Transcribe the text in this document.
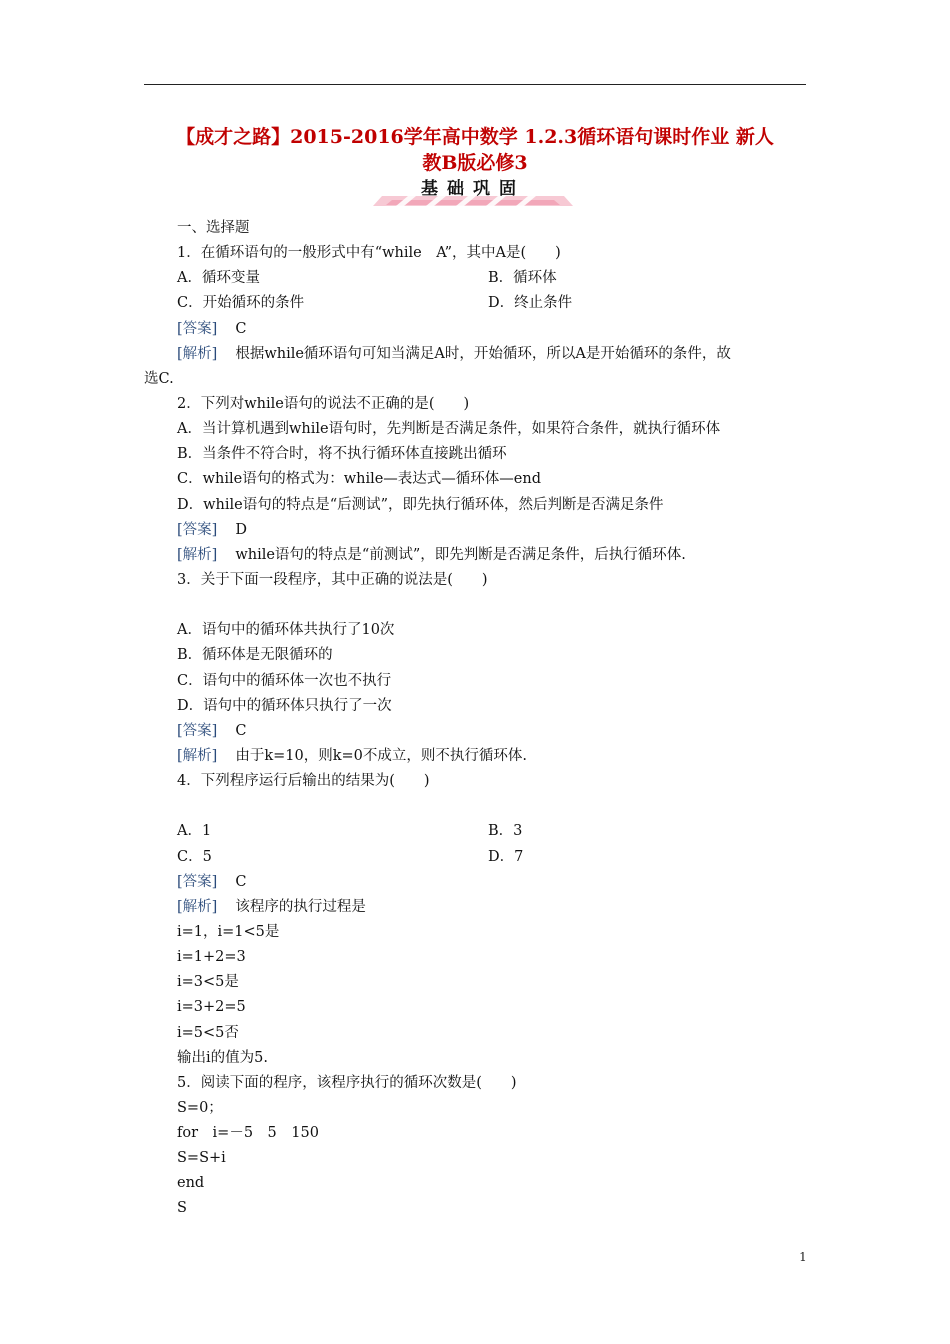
【成才之路】2015-2016学年高中数学 1.2.3循环语句课时作业 新人
教B版必修3
基础巩固
一、选择题
1．在循环语句的一般形式中有“while　A”，其中A是(　　)
A．循环变量	B．循环体
C．开始循环的条件	D．终止条件
[答案] C
[解析] 根据while循环语句可知当满足A时，开始循环，所以A是开始循环的条件，故
选C.
2．下列对while语句的说法不正确的是(　　)
A．当计算机遇到while语句时，先判断是否满足条件，如果符合条件，就执行循环体
B．当条件不符合时，将不执行循环体直接跳出循环
C．while语句的格式为：while—表达式—循环体—end
D．while语句的特点是“后测试”，即先执行循环体，然后判断是否满足条件
[答案] D
[解析] while语句的特点是“前测试”，即先判断是否满足条件，后执行循环体.
3．关于下面一段程序，其中正确的说法是(　　)
A．语句中的循环体共执行了10次
B．循环体是无限循环的
C．语句中的循环体一次也不执行
D．语句中的循环体只执行了一次
[答案] C
[解析] 由于k=10，则k=0不成立，则不执行循环体.
4．下列程序运行后输出的结果为(　　)
A．1	B．3
C．5	D．7
[答案] C
[解析] 该程序的执行过程是
i=1，i=1<5是
i=1+2=3
i=3<5是
i=3+2=5
i=5<5否
输出i的值为5.
5．阅读下面的程序，该程序执行的循环次数是(　　)
S=0；
for　i=－5　5　150
S=S+i
end
S
1
